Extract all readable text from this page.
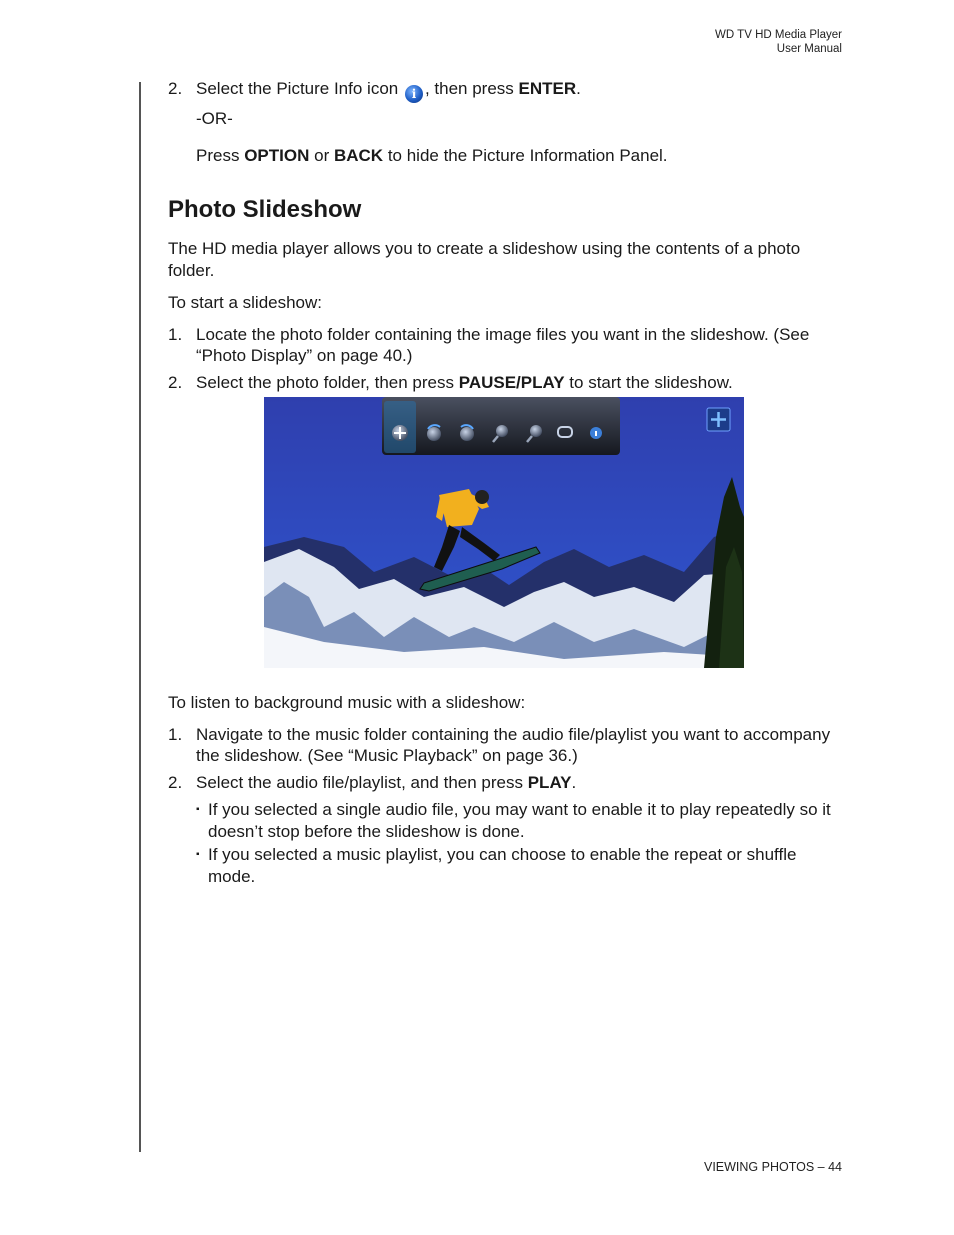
WD TV HD Media Player
User Manual
2. Select the Picture Info icon i , then press ENTER.

-OR-

Press OPTION or BACK to hide the Picture Information Panel.

Photo Slideshow

The HD media player allows you to create a slideshow using the contents of a photo folder.

To start a slideshow:

1. Locate the photo folder containing the image files you want in the slideshow. (See “Photo Display” on page 40.)
2. Select the photo folder, then press PAUSE/PLAY to start the slideshow.

To listen to background music with a slideshow:

1. Navigate to the music folder containing the audio file/playlist you want to accompany the slideshow. (See “Music Playback” on page 36.)
2. Select the audio file/playlist, and then press PLAY.
▪ If you selected a single audio file, you may want to enable it to play repeatedly so it doesn’t stop before the slideshow is done.
▪ If you selected a music playlist, you can choose to enable the repeat or shuffle mode.
VIEWING PHOTOS – 44
